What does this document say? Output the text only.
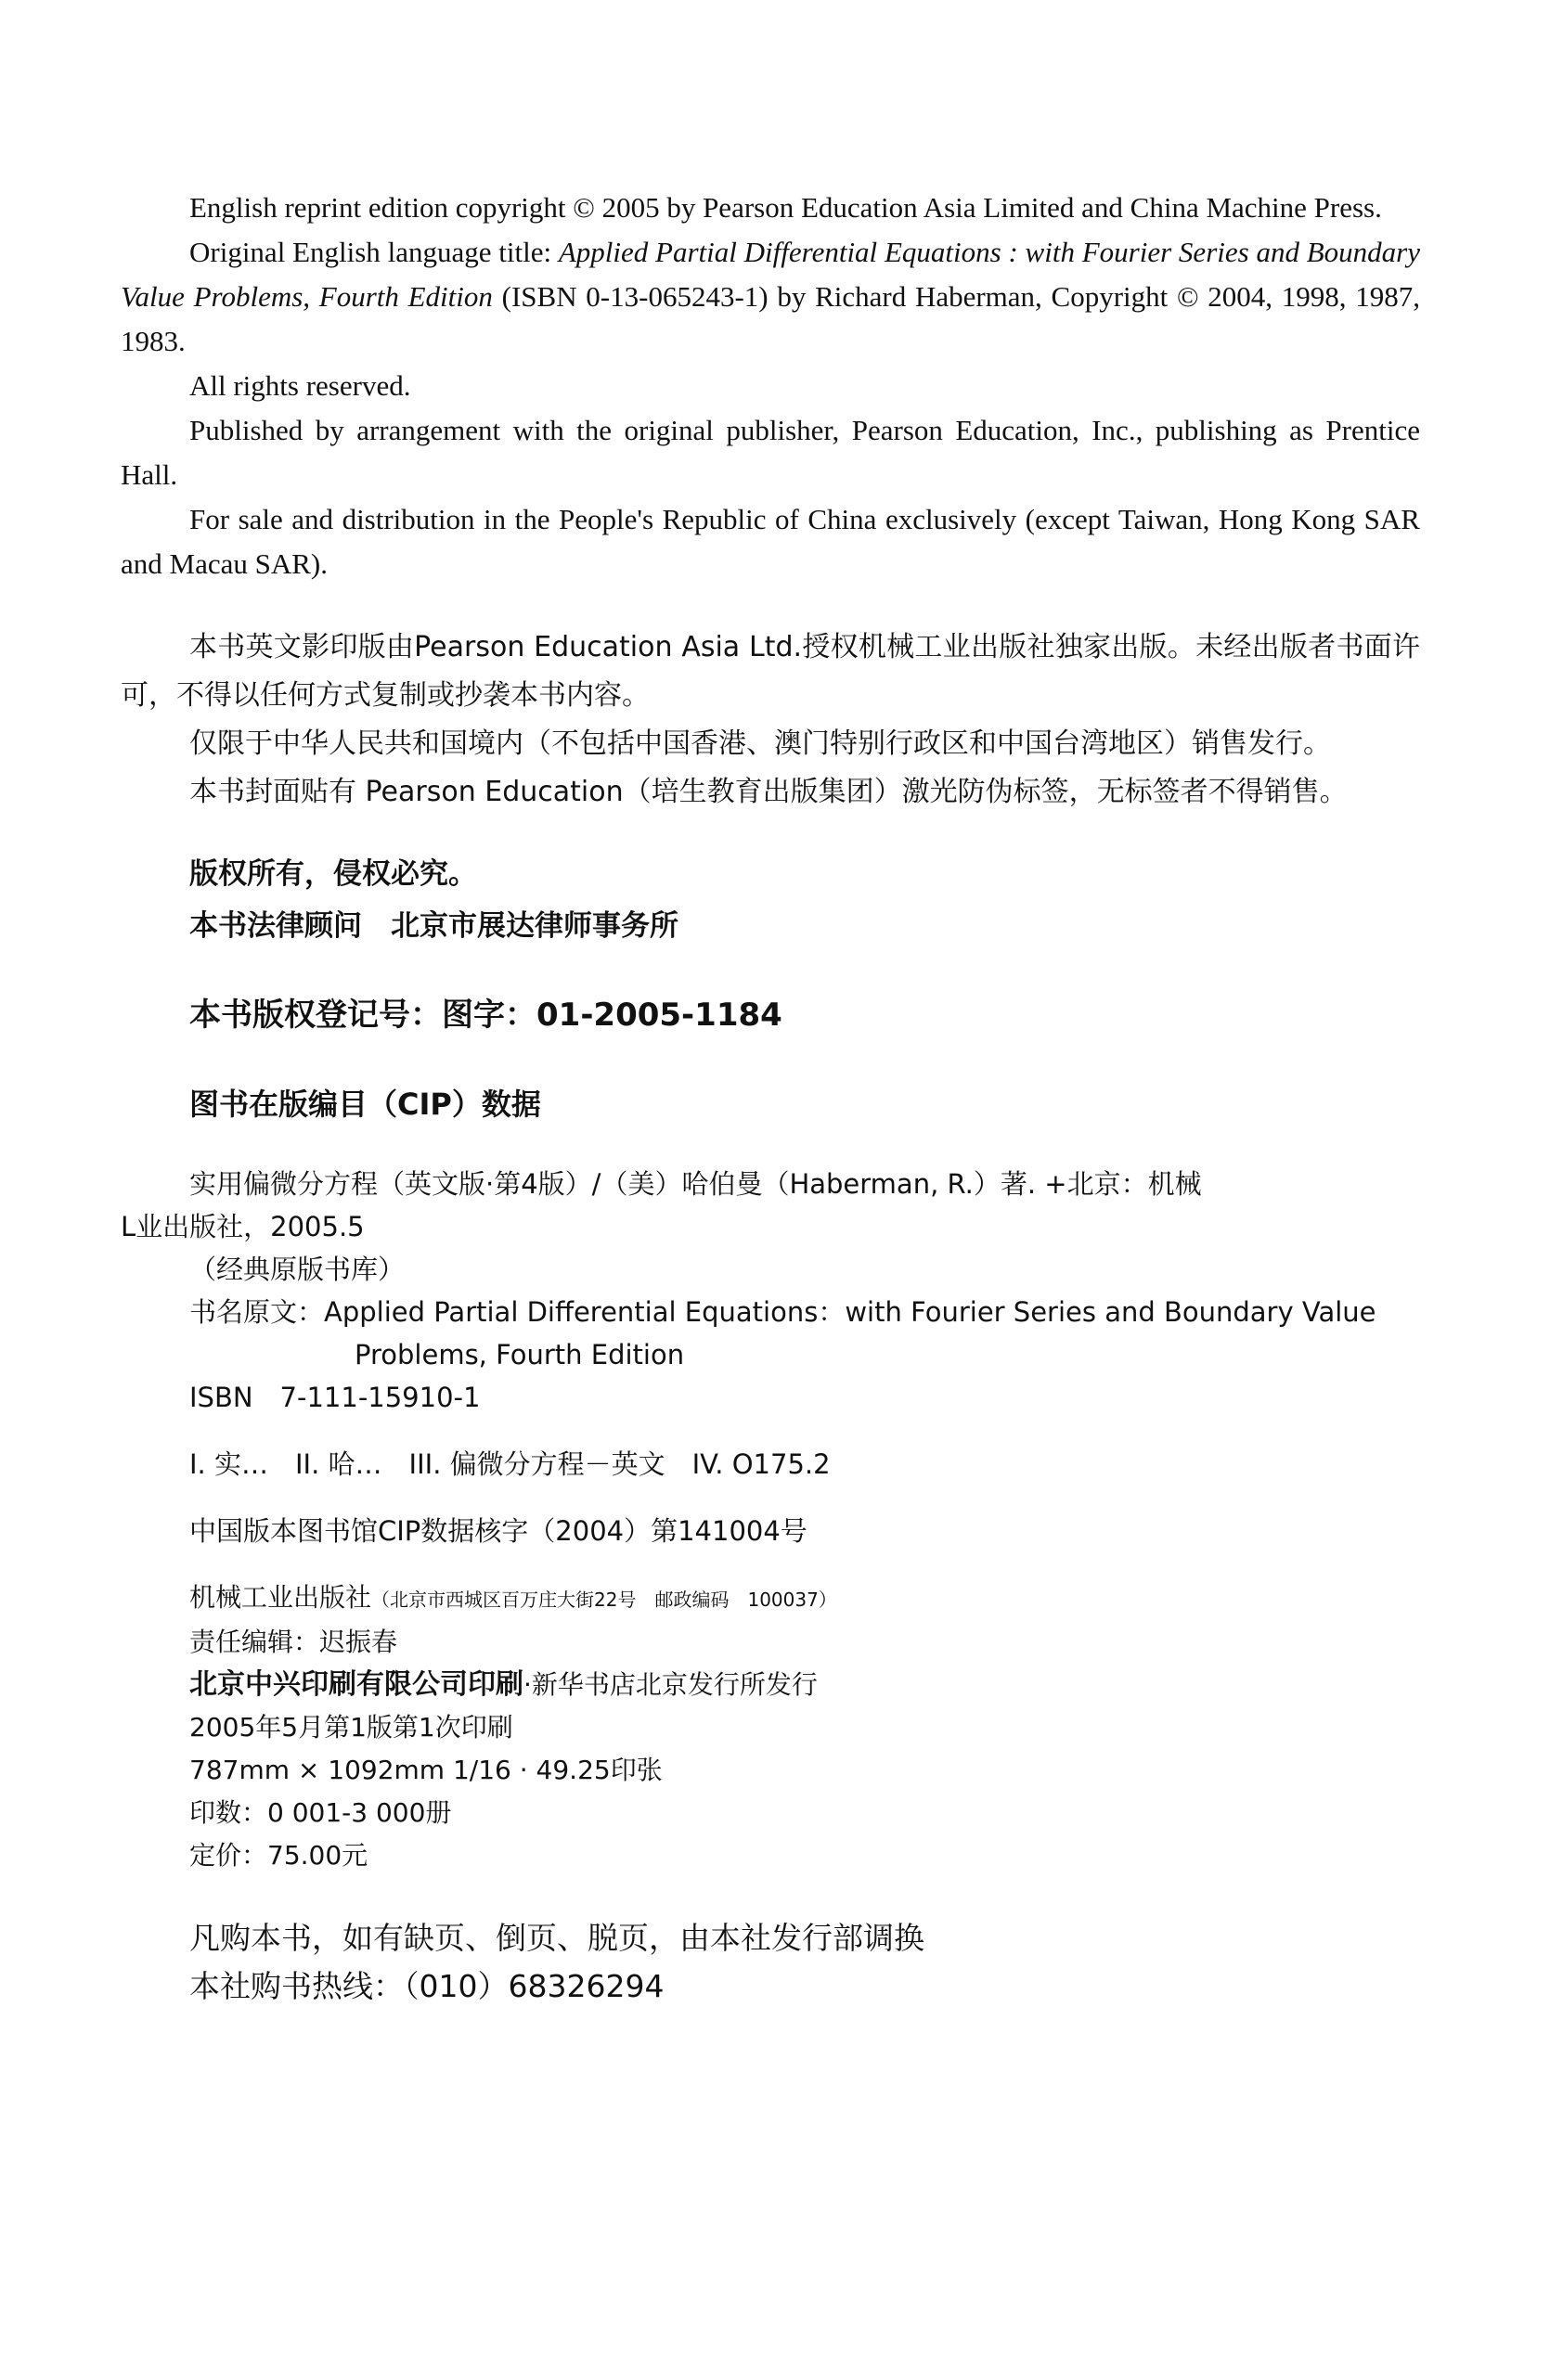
English reprint edition copyright © 2005 by Pearson Education Asia Limited and China Machine Press.

Original English language title: Applied Partial Differential Equations : with Fourier Series and Boundary Value Problems, Fourth Edition (ISBN 0-13-065243-1) by Richard Haberman, Copyright © 2004, 1998, 1987, 1983.

All rights reserved.

Published by arrangement with the original publisher, Pearson Education, Inc., publishing as Prentice Hall.

For sale and distribution in the People's Republic of China exclusively (except Taiwan, Hong Kong SAR and Macau SAR).

本书英文影印版由Pearson Education Asia Ltd.授权机械工业出版社独家出版。未经出版者书面许可，不得以任何方式复制或抄袭本书内容。

仅限于中华人民共和国境内（不包括中国香港、澳门特别行政区和中国台湾地区）销售发行。

本书封面贴有 Pearson Education（培生教育出版集团）激光防伪标签，无标签者不得销售。

版权所有，侵权必究。
本书法律顾问　北京市展达律师事务所
本书版权登记号：图字：01-2005-1184
图书在版编目（CIP）数据
实用偏微分方程（英文版·第4版）/（美）哈伯曼（Haberman, R.）著. +北京：机械
L业出版社，2005.5
（经典原版书库）
书名原文：Applied Partial Differential Equations：with Fourier Series and Boundary Value Problems, Fourth Edition
ISBN　7-111-15910-1
I. 实…　II. 哈…　III. 偏微分方程－英文　IV. O175.2
中国版本图书馆CIP数据核字（2004）第141004号
机械工业出版社（北京市西城区百万庄大街22号　邮政编码　100037）
责任编辑：迟振春
北京中兴印刷有限公司印刷·新华书店北京发行所发行
2005年5月第1版第1次印刷
787mm × 1092mm 1/16 · 49.25印张
印数：0 001-3 000册
定价：75.00元
凡购本书，如有缺页、倒页、脱页，由本社发行部调换
本社购书热线：（010）68326294
